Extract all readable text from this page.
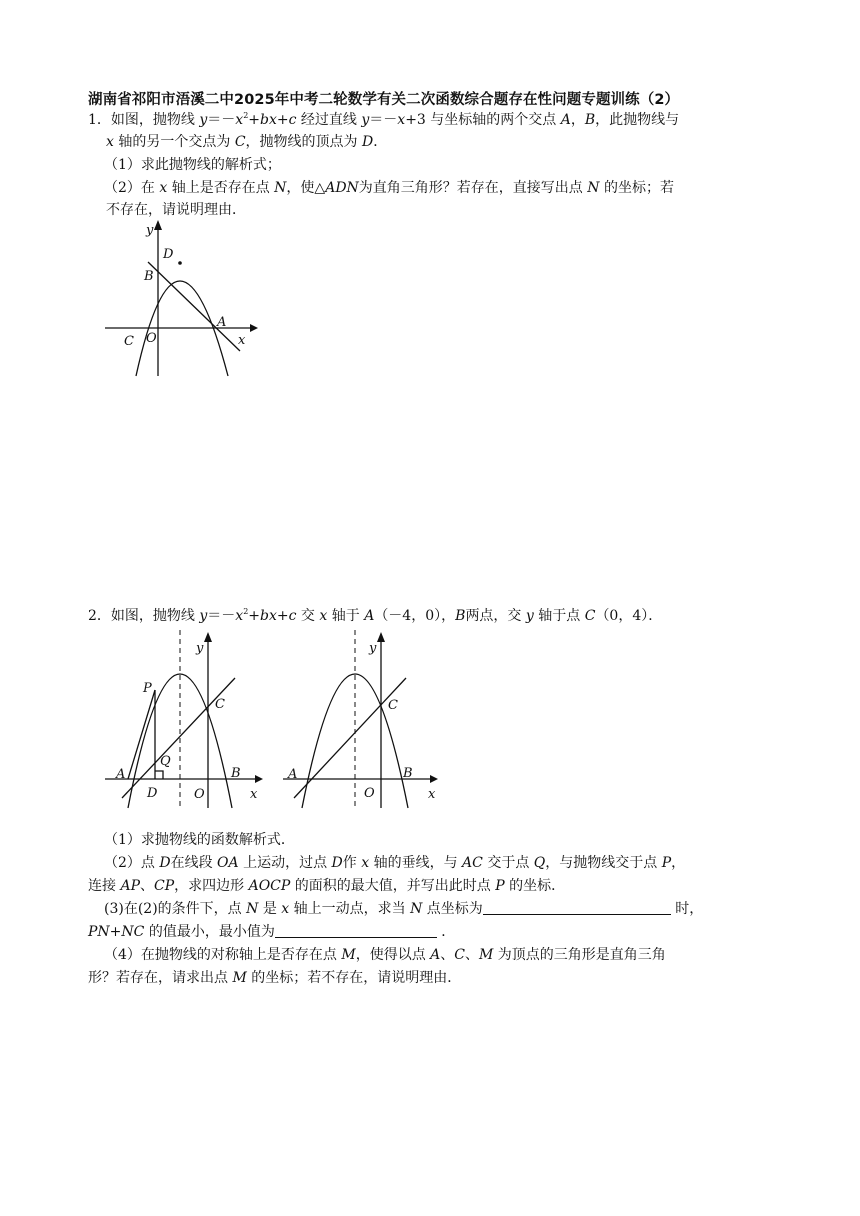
湖南省祁阳市浯溪二中2025年中考二轮数学有关二次函数综合题存在性问题专题训练（2）
1．如图，抛物线 $y=-x^2+bx+c$ 经过直线 y＝－x+3 与坐标轴的两个交点 A，B，此抛物线与
x 轴的另一个交点为 C，抛物线的顶点为 D．
（1）求此抛物线的解析式；
（2）在 x 轴上是否存在点 N，使△ADN为直角三角形？若存在，直接写出点 N 的坐标；若
不存在，请说明理由．
y
x
D
B
A
C O
2．如图，抛物线 $y=-x^2+bx+c$ 交 x 轴于 A（－4，0），B两点，交 y 轴于点 C（0，4）．
y
x
P
C
Q
A	B
D	O
y
x
C
A	B
O
（1）求抛物线的函数解析式．
（2）点 D在线段 OA 上运动，过点 D作 x 轴的垂线，与 AC 交于点 Q，与抛物线交于点 P，
连接 AP、CP，求四边形 AOCP 的面积的最大值，并写出此时点 P 的坐标．
(3)在(2)的条件下，点 N 是 x 轴上一动点，求当 N 点坐标为	时，
PN+NC 的值最小，最小值为	．
（4）在抛物线的对称轴上是否存在点 M，使得以点 A、C、M 为顶点的三角形是直角三角
形？若存在，请求出点 M 的坐标；若不存在，请说明理由．
